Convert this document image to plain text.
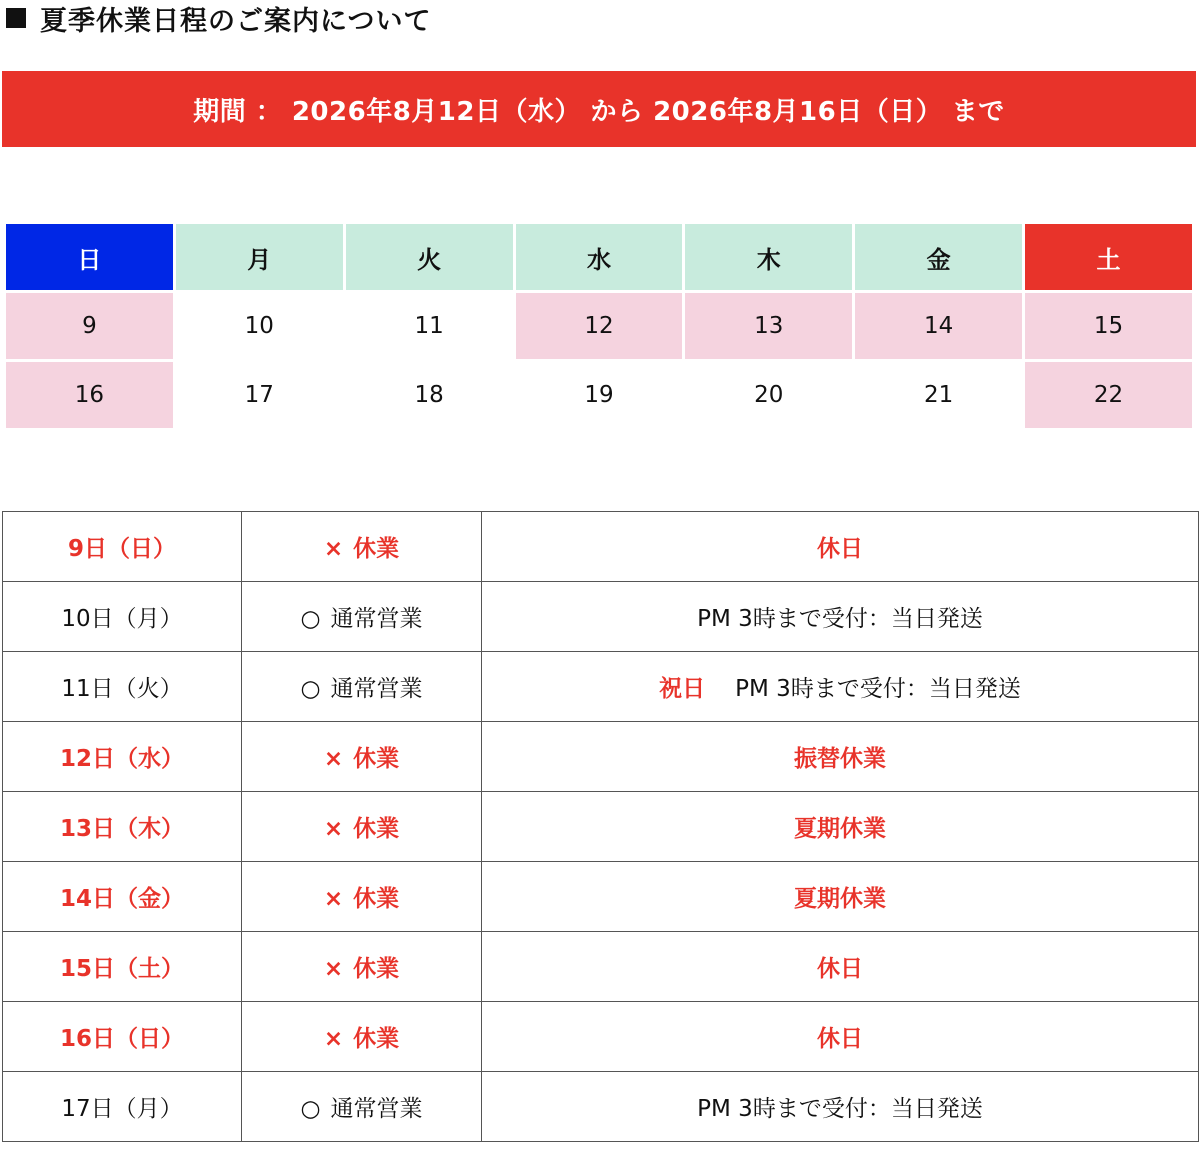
夏季休業日程のご案内について
期間 ： 2026年8月12日（水） から 2026年8月16日（日） まで
日	月	火	水	木	金	土
9	10	11	12	13	14	15
16	17	18	19	20	21	22
9日（日）	× 休業	休日
10日（月）	○ 通常営業	PM 3時まで受付：当日発送
11日（火）	○ 通常営業	祝日 PM 3時まで受付：当日発送
12日（水）	× 休業	振替休業
13日（木）	× 休業	夏期休業
14日（金）	× 休業	夏期休業
15日（土）	× 休業	休日
16日（日）	× 休業	休日
17日（月）	○ 通常営業	PM 3時まで受付：当日発送
